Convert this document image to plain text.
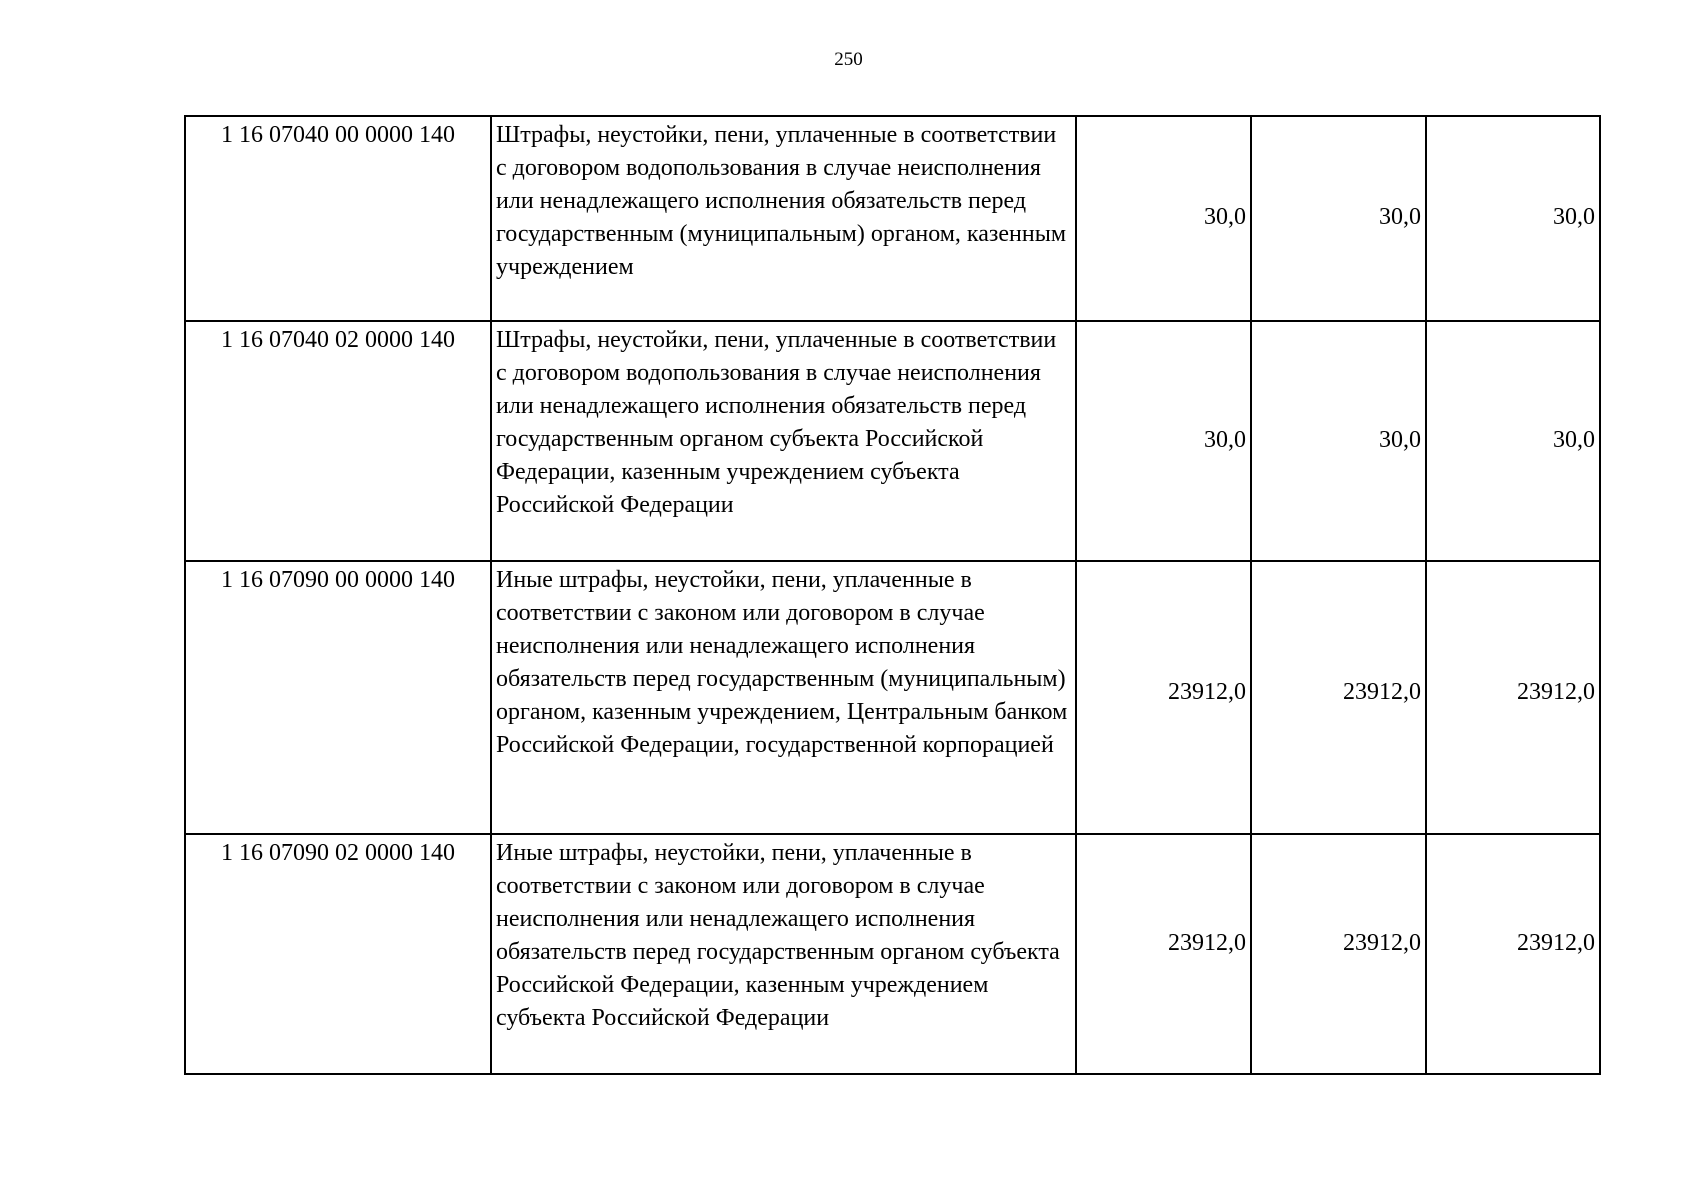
250
1 16 07040 00 0000 140	Штрафы, неустойки, пени, уплаченные в соответствии с договором водопользования в случае неисполнения или ненадлежащего исполнения обязательств перед государственным (муниципальным) органом, казенным учреждением	30,0	30,0	30,0
1 16 07040 02 0000 140	Штрафы, неустойки, пени, уплаченные в соответствии с договором водопользования в случае неисполнения или ненадлежащего исполнения обязательств перед государственным органом субъекта Российской Федерации, казенным учреждением субъекта Российской Федерации	30,0	30,0	30,0
1 16 07090 00 0000 140	Иные штрафы, неустойки, пени, уплаченные в соответствии с законом или договором в случае неисполнения или ненадлежащего исполнения обязательств перед государственным (муниципальным) органом, казенным учреждением, Центральным банком Российской Федерации, государственной корпорацией	23912,0	23912,0	23912,0
1 16 07090 02 0000 140	Иные штрафы, неустойки, пени, уплаченные в соответствии с законом или договором в случае неисполнения или ненадлежащего исполнения обязательств перед государственным органом субъекта Российской Федерации, казенным учреждением субъекта Российской Федерации	23912,0	23912,0	23912,0
